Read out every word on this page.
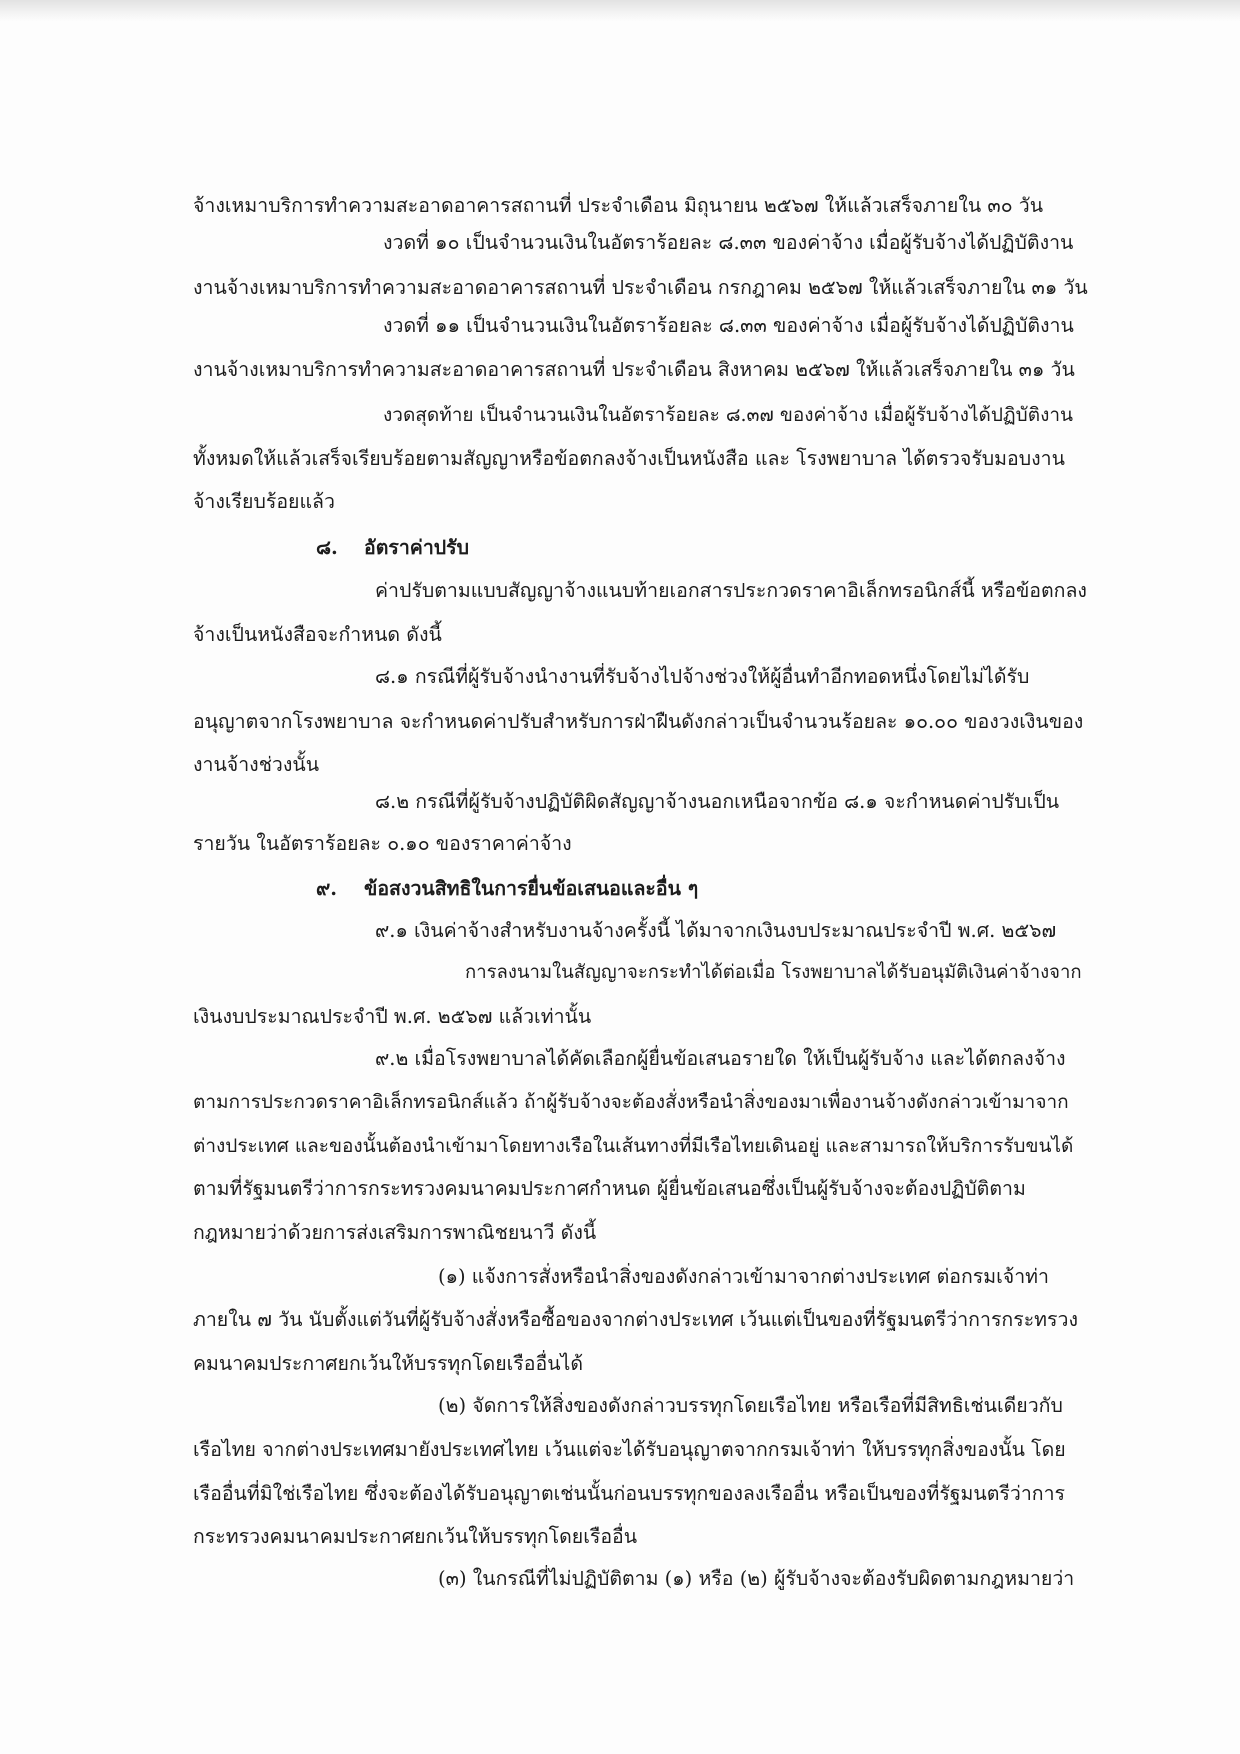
จ้างเหมาบริการทำความสะอาดอาคารสถานที่ ประจำเดือน มิถุนายน ๒๕๖๗ ให้แล้วเสร็จภายใน ๓๐ วัน
งวดที่ ๑๐ เป็นจำนวนเงินในอัตราร้อยละ ๘.๓๓ ของค่าจ้าง เมื่อผู้รับจ้างได้ปฏิบัติงาน
งานจ้างเหมาบริการทำความสะอาดอาคารสถานที่ ประจำเดือน กรกฎาคม ๒๕๖๗ ให้แล้วเสร็จภายใน ๓๑ วัน
งวดที่ ๑๑ เป็นจำนวนเงินในอัตราร้อยละ ๘.๓๓ ของค่าจ้าง เมื่อผู้รับจ้างได้ปฏิบัติงาน
งานจ้างเหมาบริการทำความสะอาดอาคารสถานที่ ประจำเดือน สิงหาคม ๒๕๖๗ ให้แล้วเสร็จภายใน ๓๑ วัน
งวดสุดท้าย เป็นจำนวนเงินในอัตราร้อยละ ๘.๓๗ ของค่าจ้าง เมื่อผู้รับจ้างได้ปฏิบัติงาน
ทั้งหมดให้แล้วเสร็จเรียบร้อยตามสัญญาหรือข้อตกลงจ้างเป็นหนังสือ และ โรงพยาบาล ได้ตรวจรับมอบงาน
จ้างเรียบร้อยแล้ว
๘. อัตราค่าปรับ
ค่าปรับตามแบบสัญญาจ้างแนบท้ายเอกสารประกวดราคาอิเล็กทรอนิกส์นี้ หรือข้อตกลง
จ้างเป็นหนังสือจะกำหนด ดังนี้
๘.๑ กรณีที่ผู้รับจ้างนำงานที่รับจ้างไปจ้างช่วงให้ผู้อื่นทำอีกทอดหนึ่งโดยไม่ได้รับ
อนุญาตจากโรงพยาบาล จะกำหนดค่าปรับสำหรับการฝ่าฝืนดังกล่าวเป็นจำนวนร้อยละ ๑๐.๐๐ ของวงเงินของ
งานจ้างช่วงนั้น
๘.๒ กรณีที่ผู้รับจ้างปฏิบัติผิดสัญญาจ้างนอกเหนือจากข้อ ๘.๑ จะกำหนดค่าปรับเป็น
รายวัน ในอัตราร้อยละ ๐.๑๐ ของราคาค่าจ้าง
๙. ข้อสงวนสิทธิในการยื่นข้อเสนอและอื่น ๆ
๙.๑ เงินค่าจ้างสำหรับงานจ้างครั้งนี้ ได้มาจากเงินงบประมาณประจำปี พ.ศ. ๒๕๖๗
การลงนามในสัญญาจะกระทำได้ต่อเมื่อ โรงพยาบาลได้รับอนุมัติเงินค่าจ้างจาก
เงินงบประมาณประจำปี พ.ศ. ๒๕๖๗ แล้วเท่านั้น
๙.๒ เมื่อโรงพยาบาลได้คัดเลือกผู้ยื่นข้อเสนอรายใด ให้เป็นผู้รับจ้าง และได้ตกลงจ้าง
ตามการประกวดราคาอิเล็กทรอนิกส์แล้ว ถ้าผู้รับจ้างจะต้องสั่งหรือนำสิ่งของมาเพื่องานจ้างดังกล่าวเข้ามาจาก
ต่างประเทศ และของนั้นต้องนำเข้ามาโดยทางเรือในเส้นทางที่มีเรือไทยเดินอยู่ และสามารถให้บริการรับขนได้
ตามที่รัฐมนตรีว่าการกระทรวงคมนาคมประกาศกำหนด ผู้ยื่นข้อเสนอซึ่งเป็นผู้รับจ้างจะต้องปฏิบัติตาม
กฎหมายว่าด้วยการส่งเสริมการพาณิชยนาวี ดังนี้
(๑) แจ้งการสั่งหรือนำสิ่งของดังกล่าวเข้ามาจากต่างประเทศ ต่อกรมเจ้าท่า
ภายใน ๗ วัน นับตั้งแต่วันที่ผู้รับจ้างสั่งหรือซื้อของจากต่างประเทศ เว้นแต่เป็นของที่รัฐมนตรีว่าการกระทรวง
คมนาคมประกาศยกเว้นให้บรรทุกโดยเรืออื่นได้
(๒) จัดการให้สิ่งของดังกล่าวบรรทุกโดยเรือไทย หรือเรือที่มีสิทธิเช่นเดียวกับ
เรือไทย จากต่างประเทศมายังประเทศไทย เว้นแต่จะได้รับอนุญาตจากกรมเจ้าท่า ให้บรรทุกสิ่งของนั้น โดย
เรืออื่นที่มิใช่เรือไทย ซึ่งจะต้องได้รับอนุญาตเช่นนั้นก่อนบรรทุกของลงเรืออื่น หรือเป็นของที่รัฐมนตรีว่าการ
กระทรวงคมนาคมประกาศยกเว้นให้บรรทุกโดยเรืออื่น
(๓) ในกรณีที่ไม่ปฏิบัติตาม (๑) หรือ (๒) ผู้รับจ้างจะต้องรับผิดตามกฎหมายว่า
